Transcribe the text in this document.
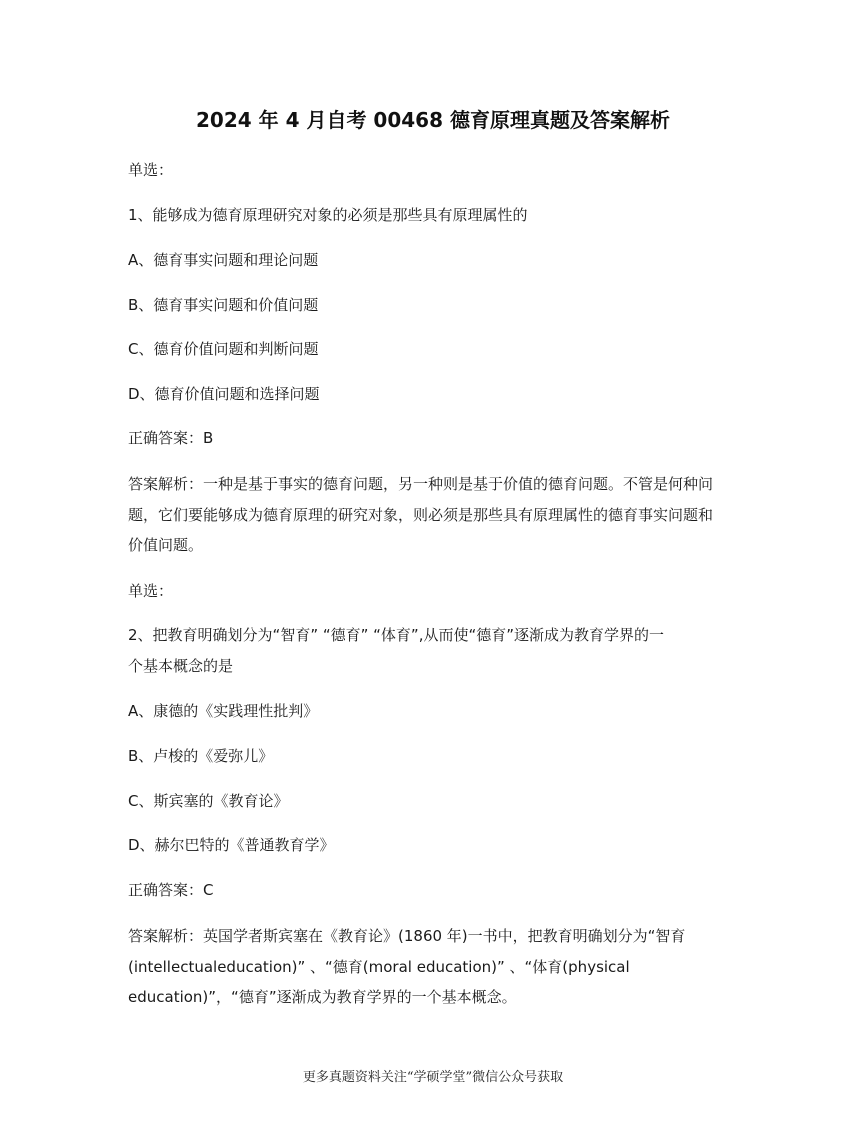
2024 年 4 月自考 00468 德育原理真题及答案解析
单选：
1、能够成为德育原理研究对象的必须是那些具有原理属性的
A、德育事实问题和理论问题
B、德育事实问题和价值问题
C、德育价值问题和判断问题
D、德育价值问题和选择问题
正确答案：B
答案解析：一种是基于事实的德育问题，另一种则是基于价值的德育问题。不管是何种问
题，它们要能够成为德育原理的研究对象，则必须是那些具有原理属性的德育事实问题和
价值问题。
单选：
2、把教育明确划分为“智育” “德育” “体育”,从而使“德育”逐渐成为教育学界的一
个基本概念的是
A、康德的《实践理性批判》
B、卢梭的《爱弥儿》
C、斯宾塞的《教育论》
D、赫尔巴特的《普通教育学》
正确答案：C
答案解析：英国学者斯宾塞在《教育论》(1860 年)一书中，把教育明确划分为“智育
(intellectualeducation)” 、“德育(moral education)” 、“体育(physical
education)”，“德育”逐渐成为教育学界的一个基本概念。
更多真题资料关注“学硕学堂”微信公众号获取
